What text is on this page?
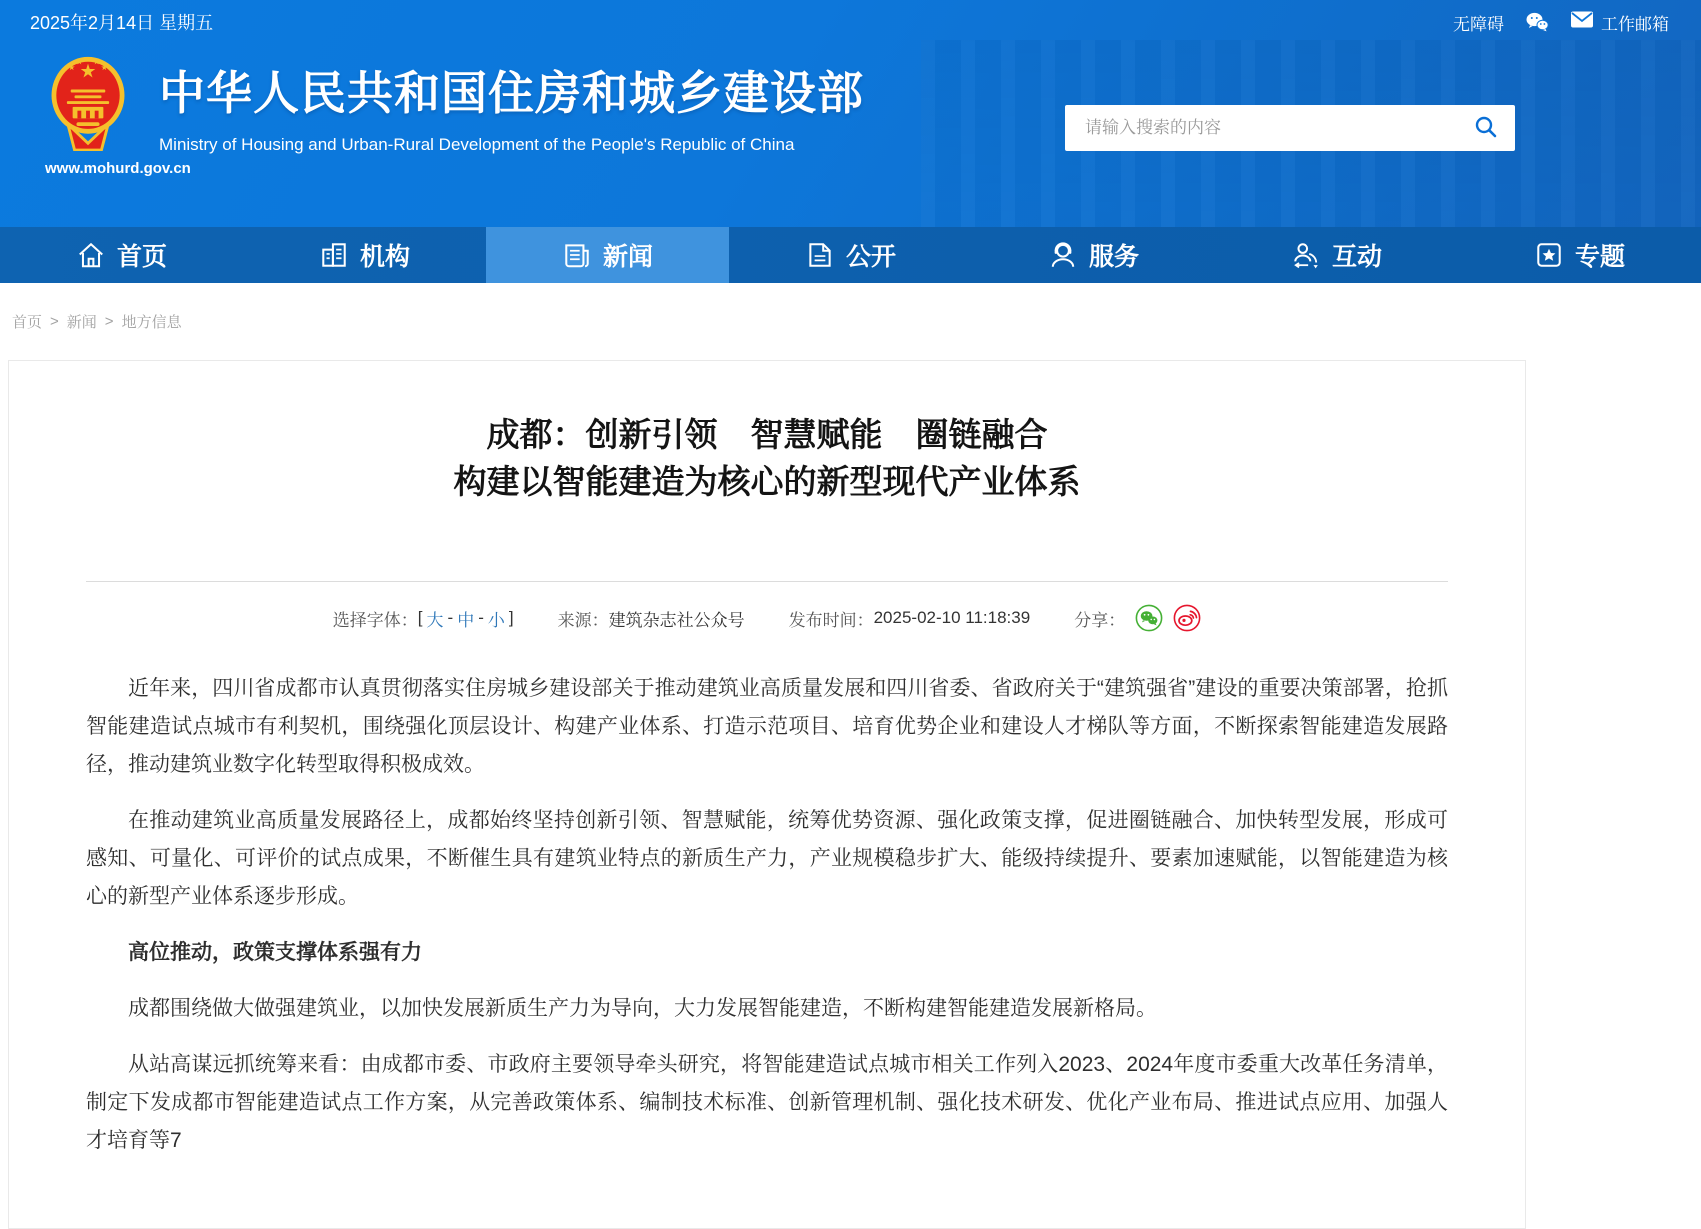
2025年2月14日 星期五	无障碍	工作邮箱
www.mohurd.gov.cn
中华人民共和国住房和城乡建设部
Ministry of Housing and Urban-Rural Development of the People's Republic of China
请输入搜索的内容
首页	机构	新闻	公开	服务	互动	专题
首页 > 新闻 > 地方信息
成都：创新引领　智慧赋能　圈链融合
构建以智能建造为核心的新型现代产业体系
选择字体： [ 大 - 中 - 小 ]	来源： 建筑杂志社公众号	发布时间： 2025-02-10 11:18:39	分享：

近年来，四川省成都市认真贯彻落实住房城乡建设部关于推动建筑业高质量发展和四川省委、省政府关于“建筑强省”建设的重要决策部署，抢抓智能建造试点城市有利契机，围绕强化顶层设计、构建产业体系、打造示范项目、培育优势企业和建设人才梯队等方面，不断探索智能建造发展路径，推动建筑业数字化转型取得积极成效。

在推动建筑业高质量发展路径上，成都始终坚持创新引领、智慧赋能，统筹优势资源、强化政策支撑，促进圈链融合、加快转型发展，形成可感知、可量化、可评价的试点成果，不断催生具有建筑业特点的新质生产力，产业规模稳步扩大、能级持续提升、要素加速赋能，以智能建造为核心的新型产业体系逐步形成。

高位推动，政策支撑体系强有力

成都围绕做大做强建筑业，以加快发展新质生产力为导向，大力发展智能建造，不断构建智能建造发展新格局。

从站高谋远抓统筹来看：由成都市委、市政府主要领导牵头研究，将智能建造试点城市相关工作列入2023、2024年度市委重大改革任务清单，制定下发成都市智能建造试点工作方案，从完善政策体系、编制技术标准、创新管理机制、强化技术研发、优化产业布局、推进试点应用、加强人才培育等7
